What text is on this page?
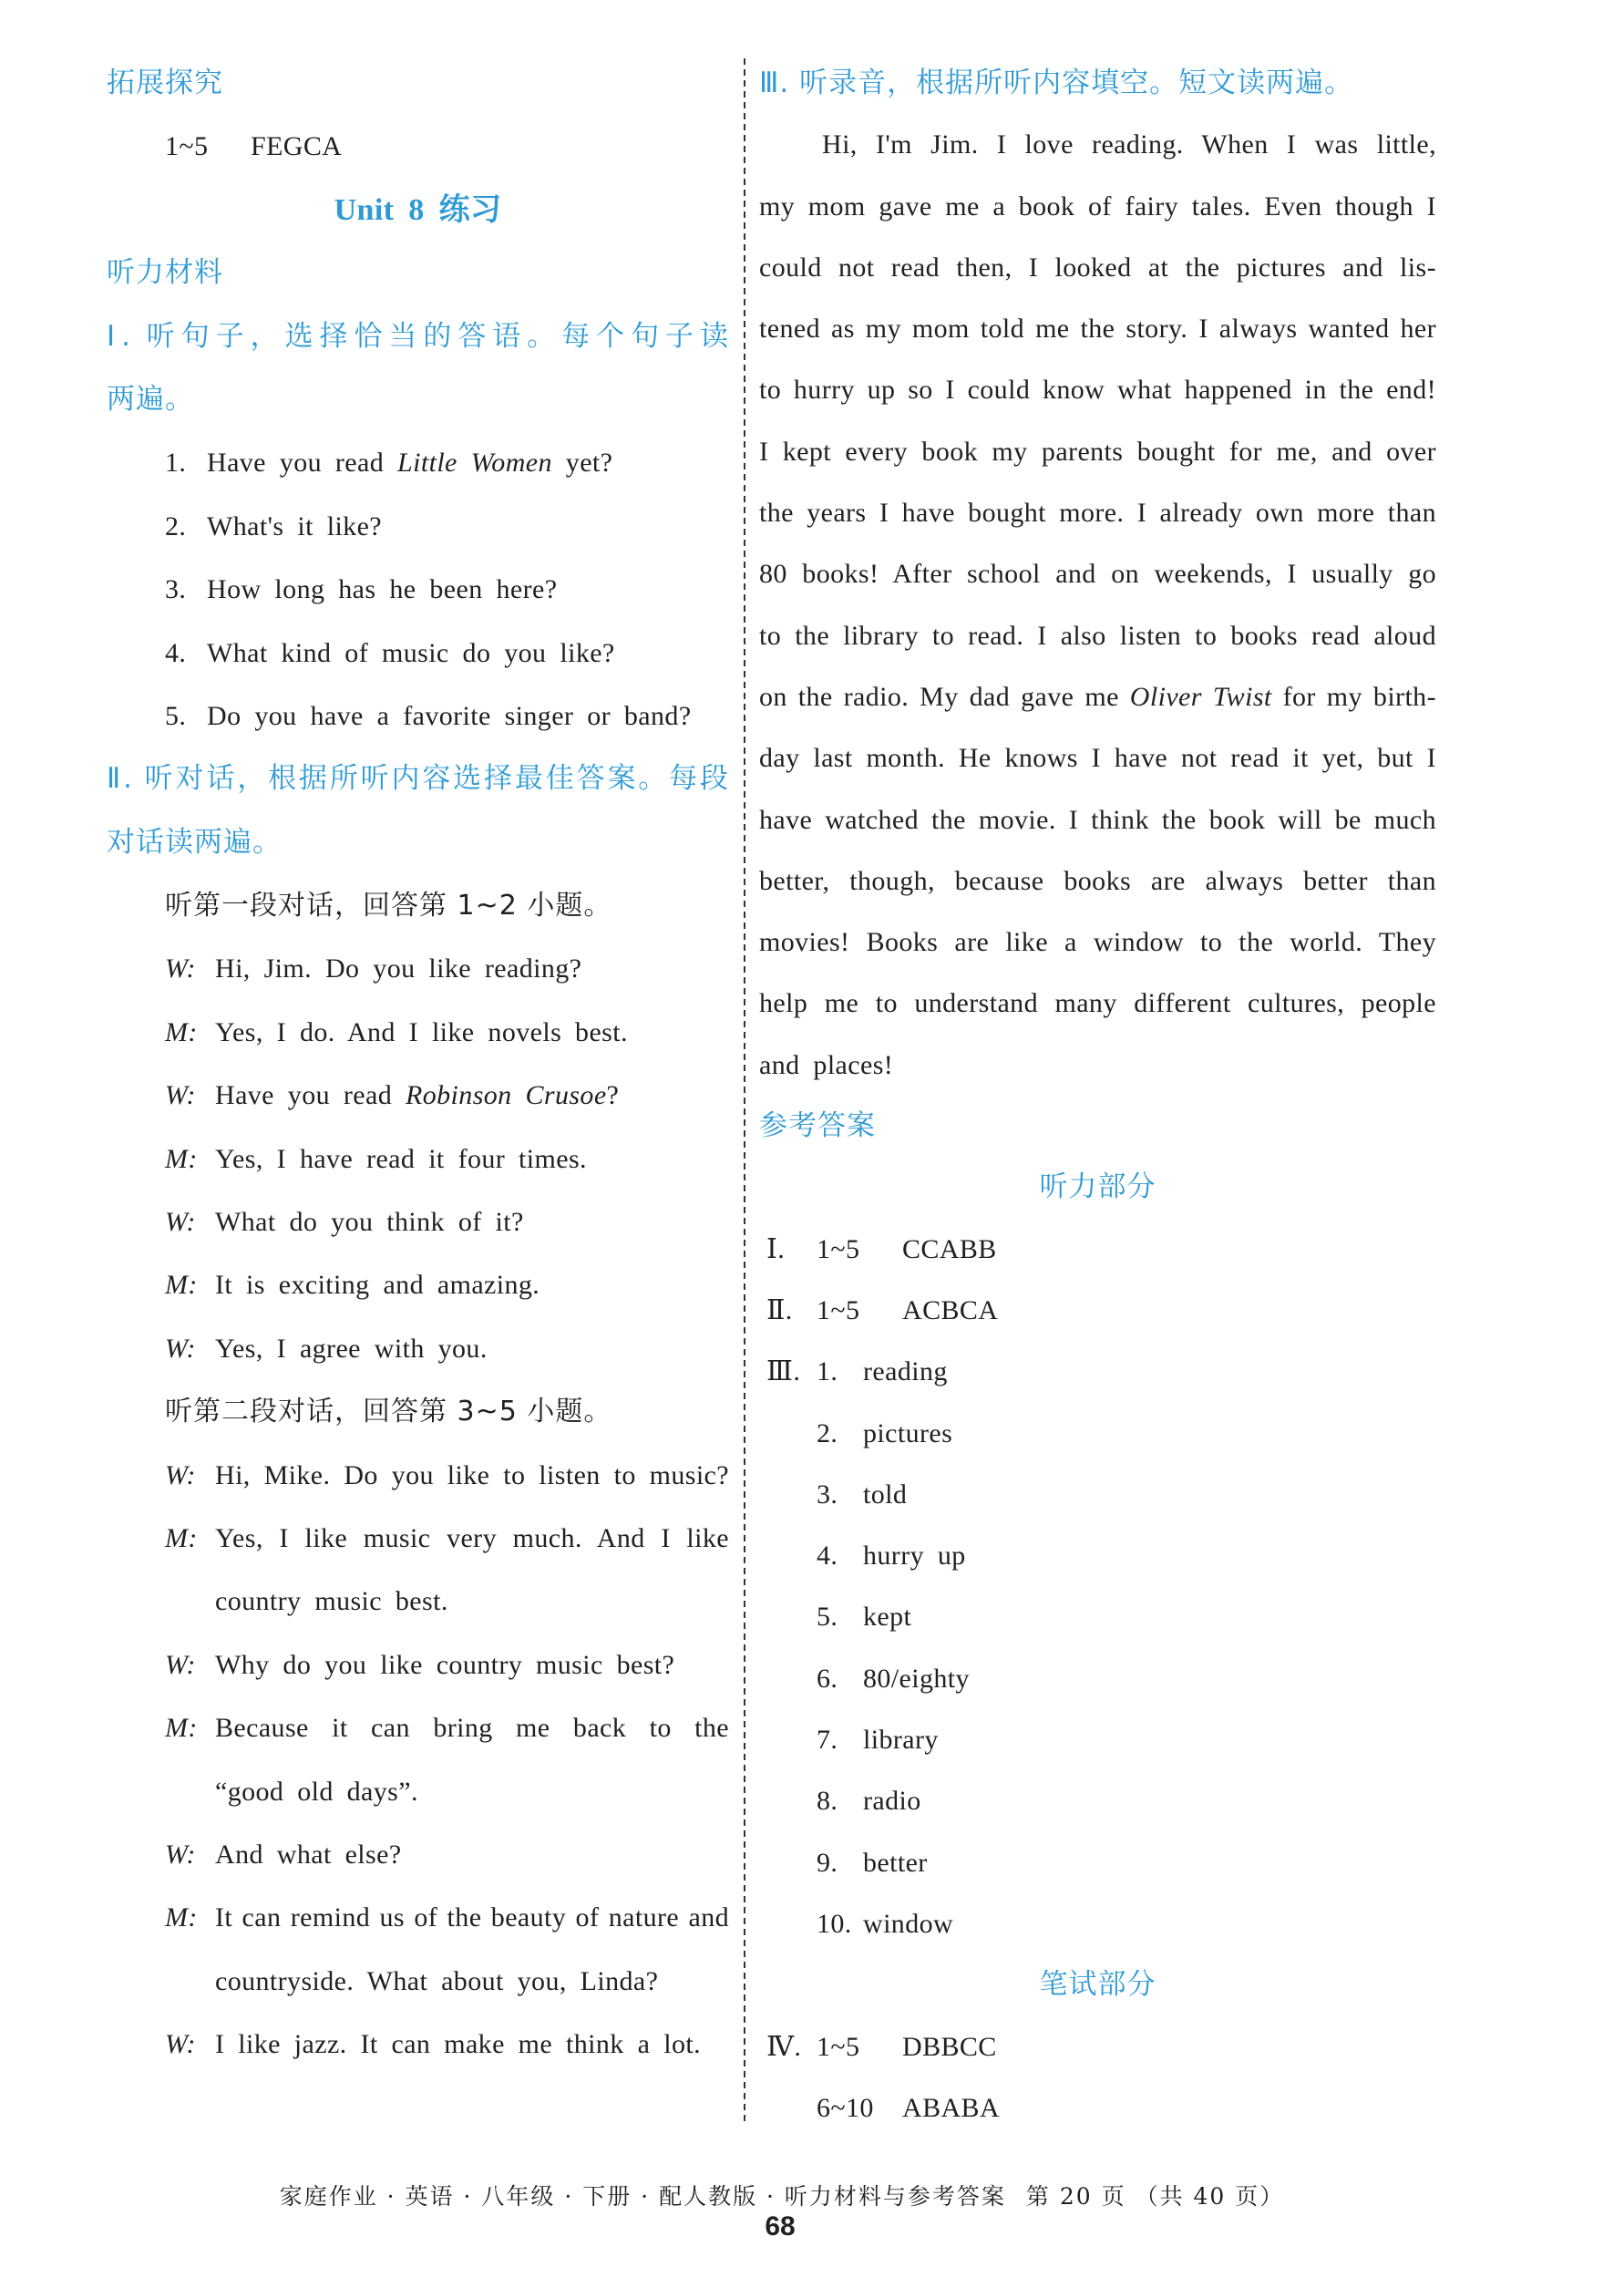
拓展探究
1~5 FEGCA
Unit 8 练习
听力材料
Ⅰ. 听句子，选择恰当的答语。每个句子读
两遍。
1. Have you read Little Women yet?
2. What's it like?
3. How long has he been here?
4. What kind of music do you like?
5. Do you have a favorite singer or band?
Ⅱ. 听对话，根据所听内容选择最佳答案。每段
对话读两遍。
听第一段对话，回答第 1~2 小题。
W: Hi, Jim. Do you like reading?
M: Yes, I do. And I like novels best.
W: Have you read Robinson Crusoe?
M: Yes, I have read it four times.
W: What do you think of it?
M: It is exciting and amazing.
W: Yes, I agree with you.
听第二段对话，回答第 3~5 小题。
W: Hi, Mike. Do you like to listen to music?
M: Yes, I like music very much. And I like
country music best.
W: Why do you like country music best?
M: Because it can bring me back to the
“good old days”.
W: And what else?
M: It can remind us of the beauty of nature and
countryside. What about you, Linda?
W: I like jazz. It can make me think a lot.
Ⅲ. 听录音，根据所听内容填空。短文读两遍。
Hi, I'm Jim. I love reading. When I was little,
my mom gave me a book of fairy tales. Even though I
could not read then, I looked at the pictures and lis-
tened as my mom told me the story. I always wanted her
to hurry up so I could know what happened in the end!
I kept every book my parents bought for me, and over
the years I have bought more. I already own more than
80 books! After school and on weekends, I usually go
to the library to read. I also listen to books read aloud
on the radio. My dad gave me Oliver Twist for my birth-
day last month. He knows I have not read it yet, but I
have watched the movie. I think the book will be much
better, though, because books are always better than
movies! Books are like a window to the world. They
help me to understand many different cultures, people
and places!
参考答案
听力部分
Ⅰ. 1~5 CCABB
Ⅱ. 1~5 ACBCA
Ⅲ. 1. reading
2. pictures
3. told
4. hurry up
5. kept
6. 80/eighty
7. library
8. radio
9. better
10. window
笔试部分
Ⅳ. 1~5 DBBCC
6~10 ABABA
家庭作业 · 英语 · 八年级 · 下册 · 配人教版 · 听力材料与参考答案 第 20 页 （共 40 页）
68
